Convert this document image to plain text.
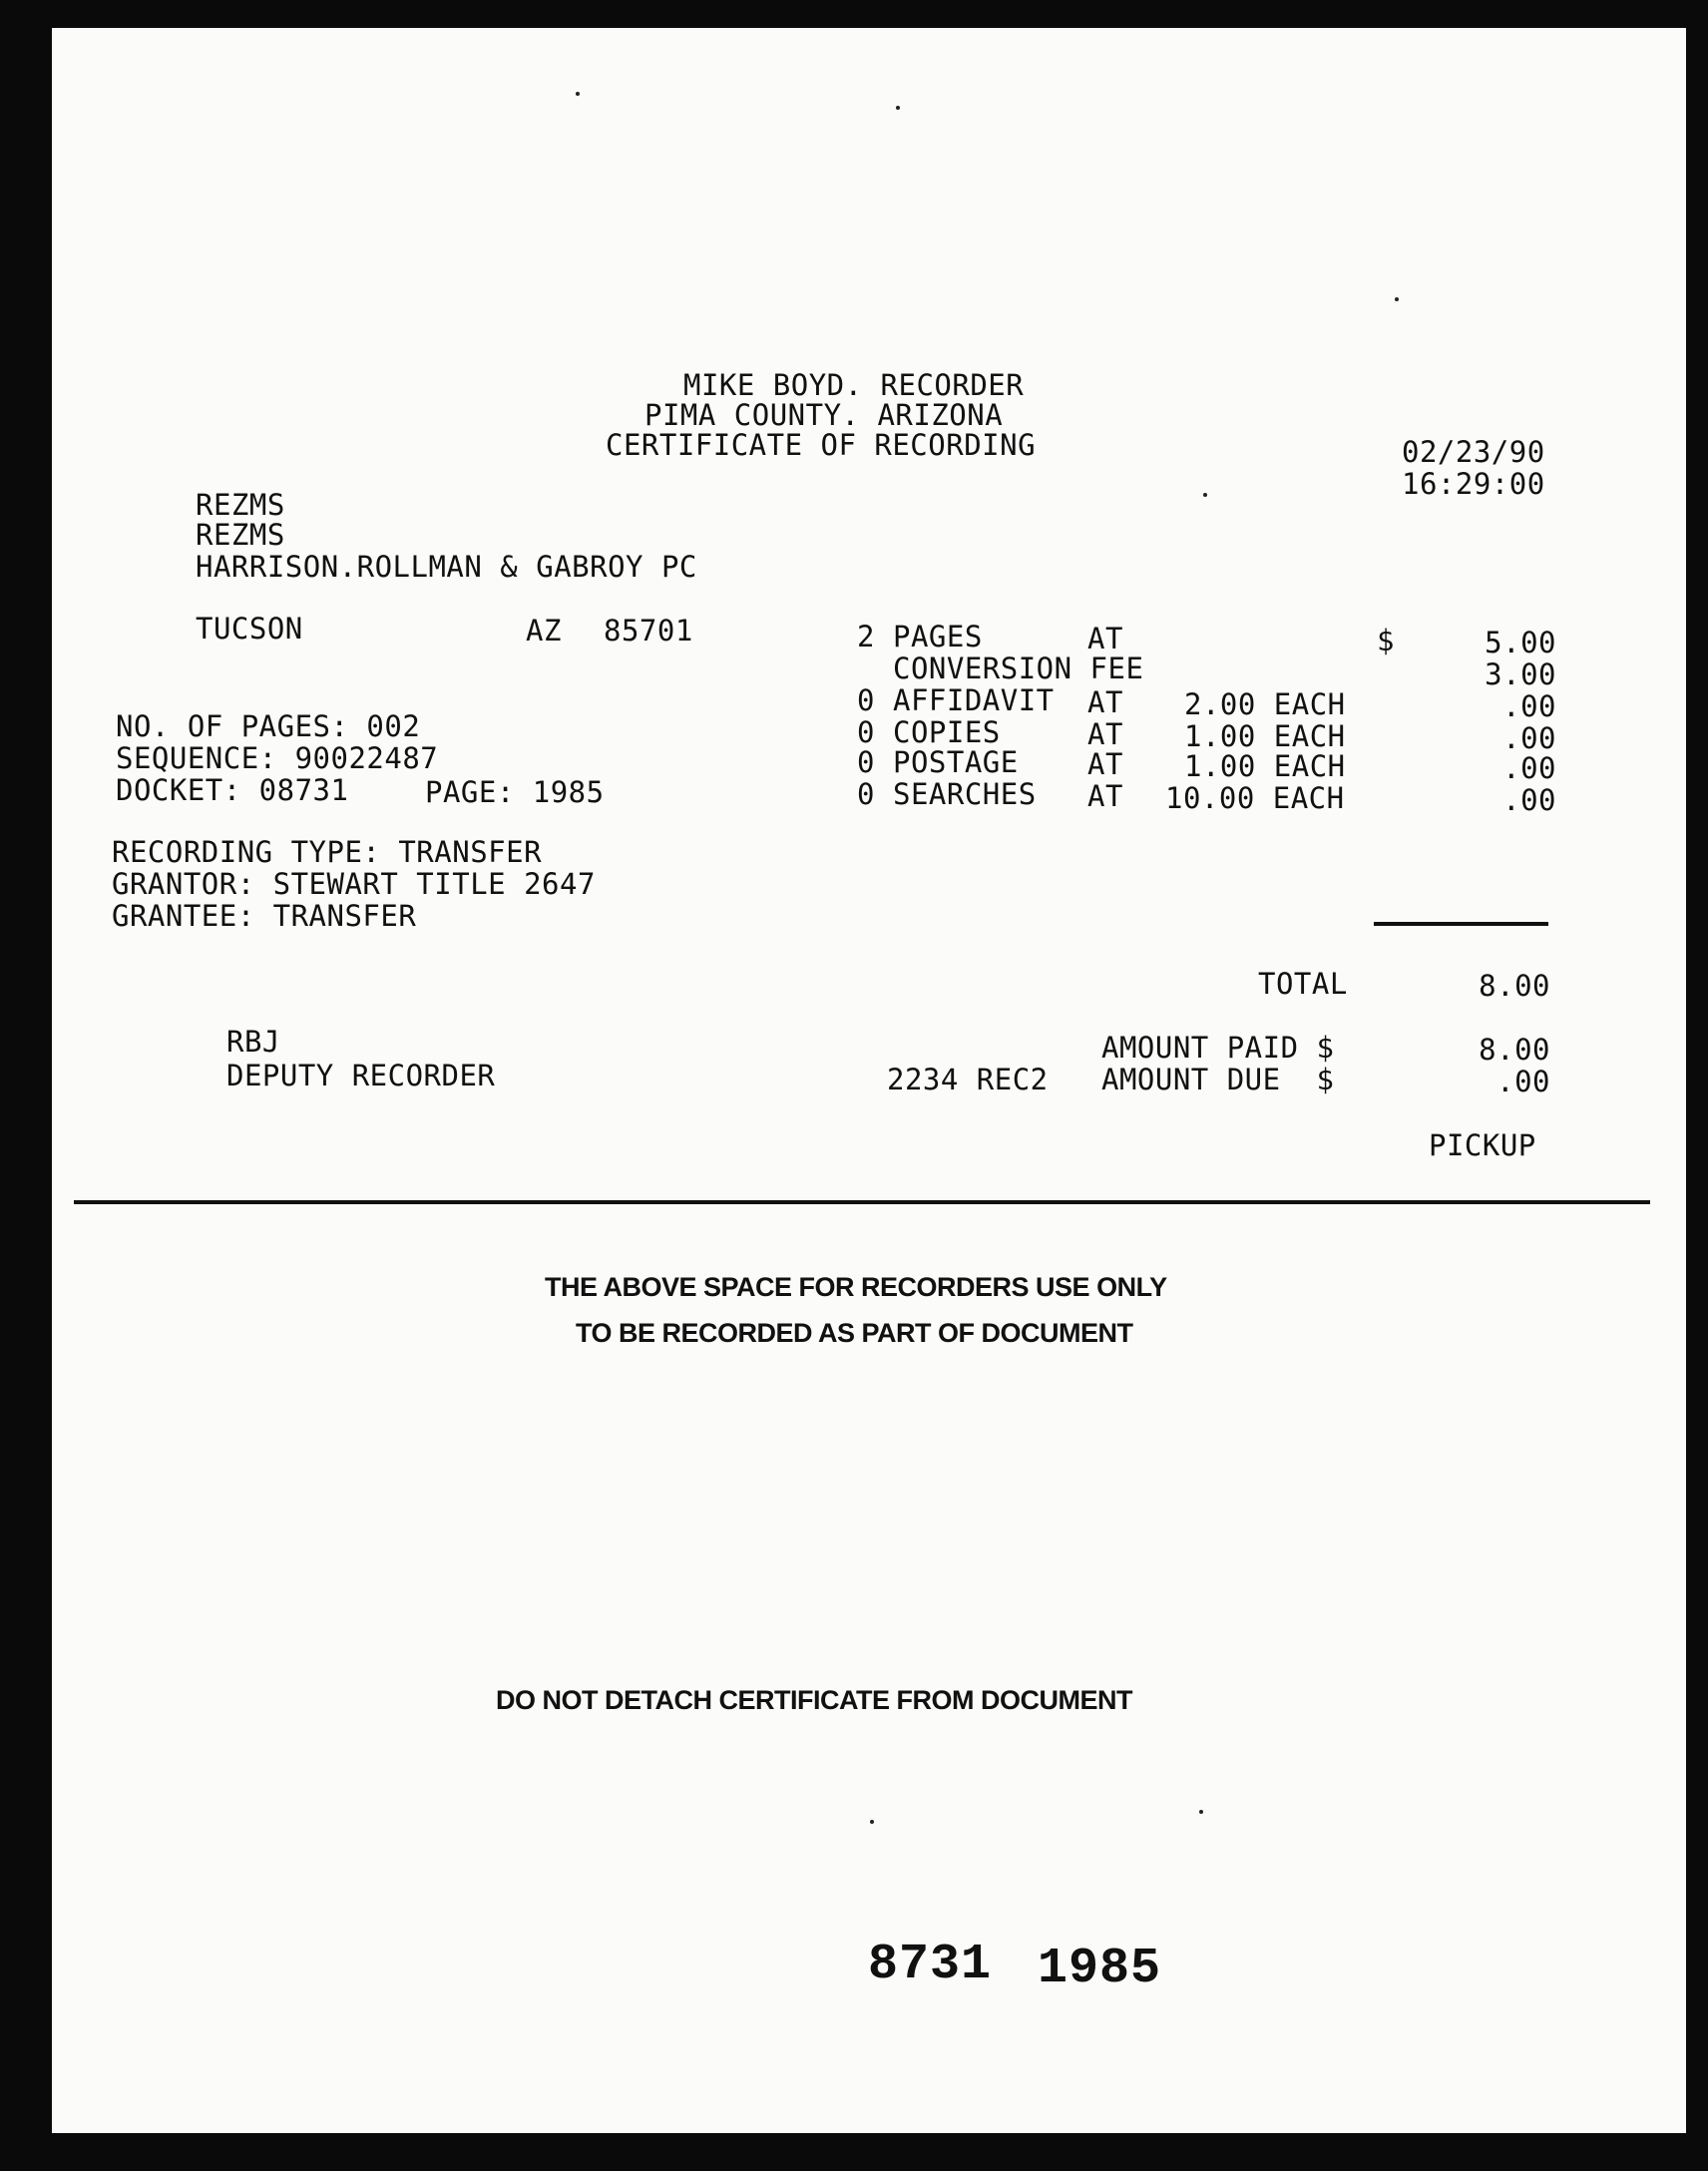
MIKE BOYD. RECORDER

PIMA COUNTY. ARIZONA

CERTIFICATE OF RECORDING	02/23/90

16:29:00

REZMS

REZMS

HARRISON.ROLLMAN & GABROY PC

TUCSON	AZ 85701

NO. OF PAGES: 002

SEQUENCE: 90022487

DOCKET: 08731	PAGE: 1985

RECORDING TYPE: TRANSFER

GRANTOR: STEWART TITLE 2647

GRANTEE: TRANSFER

2 PAGES	AT	$	5.00

CONVERSION FEE	3.00

0 AFFIDAVIT AT 2.00 EACH	.00

0 COPIES	AT 1.00 EACH	.00

0 POSTAGE AT 1.00 EACH	.00

0 SEARCHES AT 10.00 EACH	.00

TOTAL	8.00

RBJ

DEPUTY RECORDER

AMOUNT PAID $	8.00

2234 REC2 AMOUNT DUE  $	.00

PICKUP

THE ABOVE SPACE FOR RECORDERS USE ONLY

TO BE RECORDED AS PART OF DOCUMENT

DO NOT DETACH CERTIFICATE FROM DOCUMENT

8731 1985
